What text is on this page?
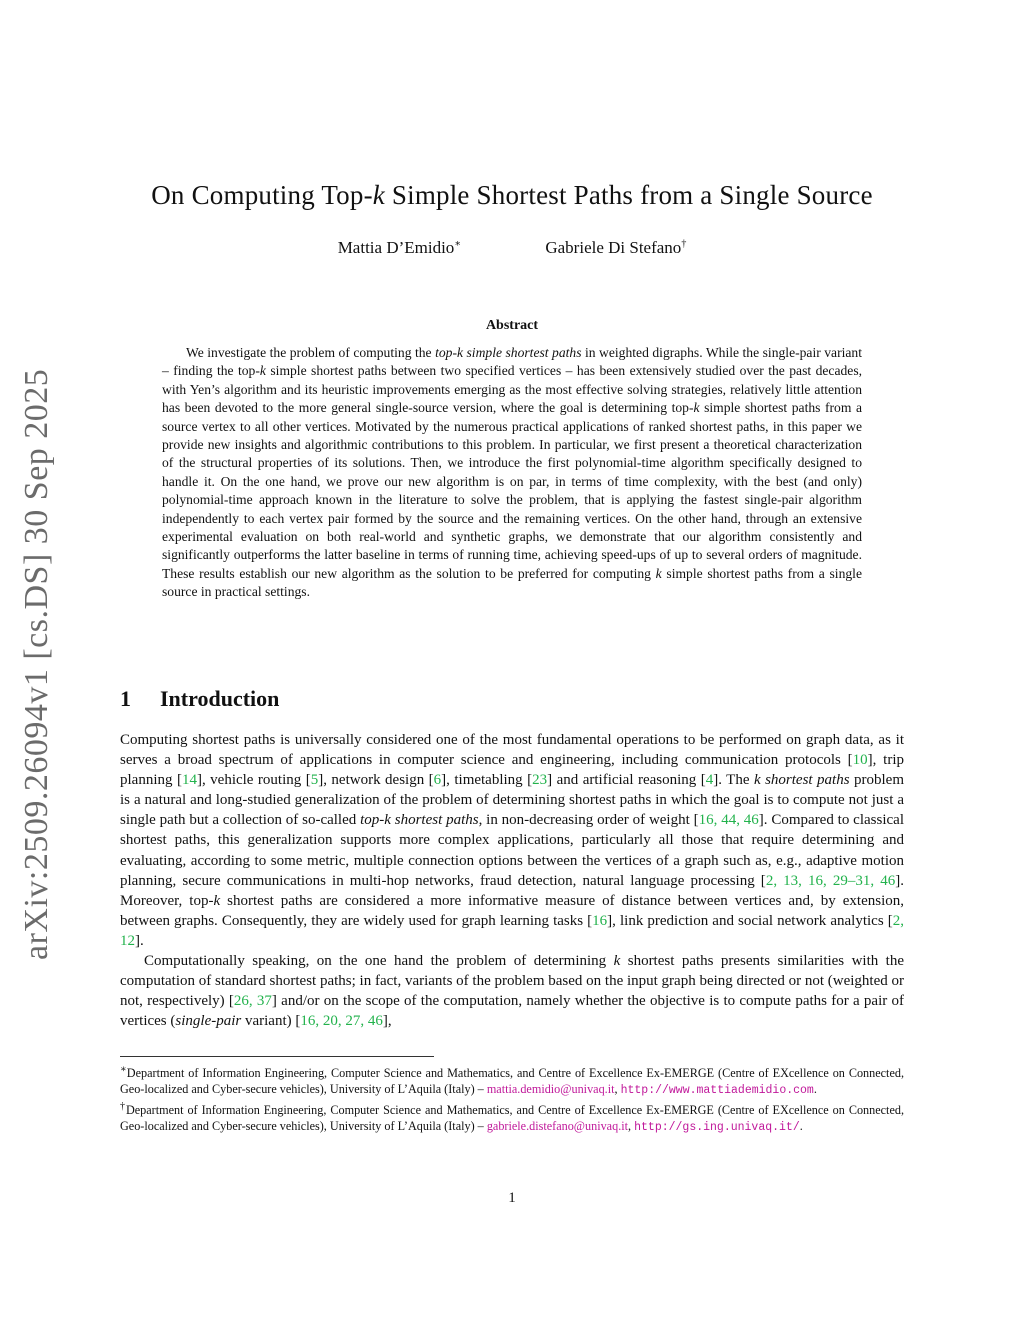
arXiv:2509.26094v1 [cs.DS] 30 Sep 2025
On Computing Top-k Simple Shortest Paths from a Single Source
Mattia D’Emidio∗	Gabriele Di Stefano†
Abstract
We investigate the problem of computing the top-k simple shortest paths in weighted digraphs. While the single-pair variant – finding the top-k simple shortest paths between two specified vertices – has been extensively studied over the past decades, with Yen’s algorithm and its heuristic improvements emerging as the most effective solving strategies, relatively little attention has been devoted to the more general single-source version, where the goal is determining top-k simple shortest paths from a source vertex to all other vertices. Motivated by the numerous practical applications of ranked shortest paths, in this paper we provide new insights and algorithmic contributions to this problem. In particular, we first present a theoretical characterization of the structural properties of its solutions. Then, we introduce the first polynomial-time algorithm specifically designed to handle it. On the one hand, we prove our new algorithm is on par, in terms of time complexity, with the best (and only) polynomial-time approach known in the literature to solve the problem, that is applying the fastest single-pair algorithm independently to each vertex pair formed by the source and the remaining vertices. On the other hand, through an extensive experimental evaluation on both real-world and synthetic graphs, we demonstrate that our algorithm consistently and significantly outperforms the latter baseline in terms of running time, achieving speed-ups of up to several orders of magnitude. These results establish our new algorithm as the solution to be preferred for computing k simple shortest paths from a single source in practical settings.
1 Introduction

Computing shortest paths is universally considered one of the most fundamental operations to be performed on graph data, as it serves a broad spectrum of applications in computer science and engineering, including communication protocols [10], trip planning [14], vehicle routing [5], network design [6], timetabling [23] and artificial reasoning [4]. The k shortest paths problem is a natural and long-studied generalization of the problem of determining shortest paths in which the goal is to compute not just a single path but a collection of so-called top-k shortest paths, in non-decreasing order of weight [16, 44, 46]. Compared to classical shortest paths, this generalization supports more complex applications, particularly all those that require determining and evaluating, according to some metric, multiple connection options between the vertices of a graph such as, e.g., adaptive motion planning, secure communications in multi-hop networks, fraud detection, natural language processing [2, 13, 16, 29–31, 46]. Moreover, top-k shortest paths are considered a more informative measure of distance between vertices and, by extension, between graphs. Consequently, they are widely used for graph learning tasks [16], link prediction and social network analytics [2, 12].

Computationally speaking, on the one hand the problem of determining k shortest paths presents similarities with the computation of standard shortest paths; in fact, variants of the problem based on the input graph being directed or not (weighted or not, respectively) [26, 37] and/or on the scope of the computation, namely whether the objective is to compute paths for a pair of vertices (single-pair variant) [16, 20, 27, 46],

∗Department of Information Engineering, Computer Science and Mathematics, and Centre of Excellence Ex-EMERGE (Centre of EXcellence on Connected, Geo-localized and Cyber-secure vehicles), University of L’Aquila (Italy) – mattia.demidio@univaq.it, http://www.mattiademidio.com.

†Department of Information Engineering, Computer Science and Mathematics, and Centre of Excellence Ex-EMERGE (Centre of EXcellence on Connected, Geo-localized and Cyber-secure vehicles), University of L’Aquila (Italy) – gabriele.distefano@univaq.it, http://gs.ing.univaq.it/.

1
